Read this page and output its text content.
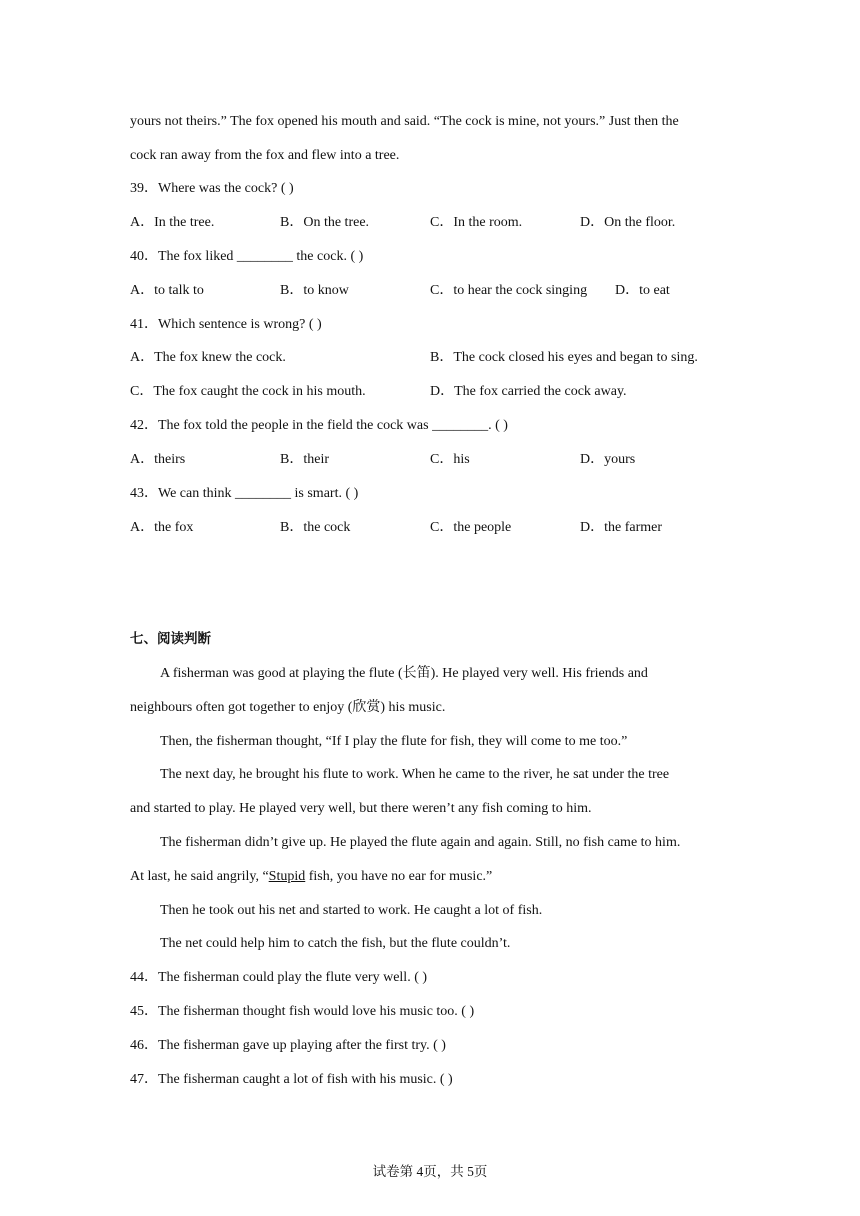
yours not theirs.” The fox opened his mouth and said. “The cock is mine, not yours.” Just then the
cock ran away from the fox and flew into a tree.
39．Where was the cock? ( )
A．In the tree.	B．On the tree.	C．In the room.	D．On the floor.
40．The fox liked ________ the cock. ( )
A．to talk to	B．to know	C．to hear the cock singing D．to eat
41．Which sentence is wrong? ( )
A．The fox knew the cock.	B．The cock closed his eyes and began to sing.
C．The fox caught the cock in his mouth.	D．The fox carried the cock away.
42．The fox told the people in the field the cock was ________. ( )
A．theirs	B．their	C．his	D．yours
43．We can think ________ is smart. ( )
A．the fox	B．the cock	C．the people	D．the farmer
七、阅读判断
A fisherman was good at playing the flute (长笛). He played very well. His friends and
neighbours often got together to enjoy (欣赏) his music.
Then, the fisherman thought, “If I play the flute for fish, they will come to me too.”
The next day, he brought his flute to work. When he came to the river, he sat under the tree
and started to play. He played very well, but there weren’t any fish coming to him.
The fisherman didn’t give up. He played the flute again and again. Still, no fish came to him.
At last, he said angrily, “Stupid fish, you have no ear for music.”
Then he took out his net and started to work. He caught a lot of fish.
The net could help him to catch the fish, but the flute couldn’t.
44．The fisherman could play the flute very well. ( )
45．The fisherman thought fish would love his music too. ( )
46．The fisherman gave up playing after the first try. ( )
47．The fisherman caught a lot of fish with his music. ( )
试卷第 4页，共 5页
